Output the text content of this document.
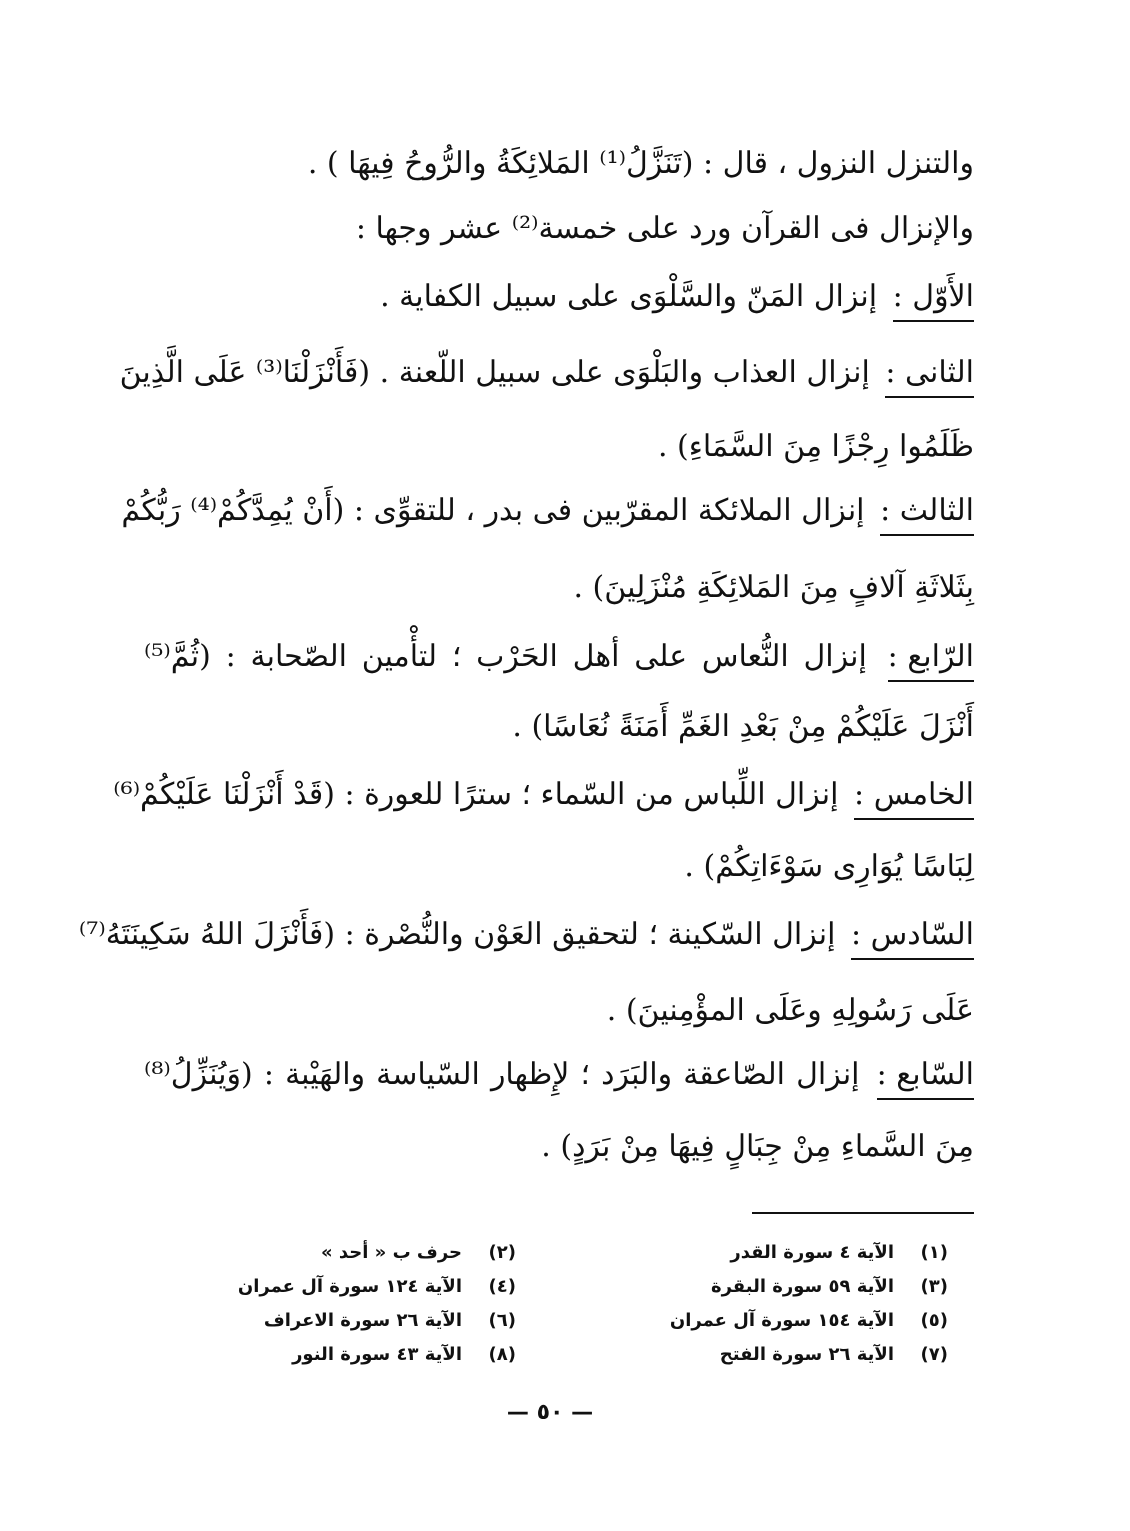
والتنزل النزول ، قال : (تَنَزَّلُ⁽¹⁾ المَلائِكَةُ والرُّوحُ فِيهَا ) .
والإنزال فى القرآن ورد على خمسة⁽²⁾ عشر وجها :
الأَوّل : إنزال المَنّ والسَّلْوَى على سبيل الكفاية .
الثانى : إنزال العذاب والبَلْوَى على سبيل اللّعنة . (فَأَنْزَلْنَا⁽³⁾ عَلَى الَّذِينَ
ظَلَمُوا رِجْزًا مِنَ السَّمَاءِ) .
الثالث : إنزال الملائكة المقرّبين فى بدر ، للتقوِّى : (أَنْ يُمِدَّكُمْ⁽⁴⁾ رَبُّكُمْ
بِثَلاثَةِ آلافٍ مِنَ المَلائِكَةِ مُنْزَلِينَ) .
الرّابع : إنزال النُّعاس على أهل الحَرْب ؛ لتأْمين الصّحابة : (ثُمَّ⁽⁵⁾
أَنْزَلَ عَلَيْكُمْ مِنْ بَعْدِ الغَمِّ أَمَنَةً نُعَاسًا) .
الخامس : إنزال اللِّباس من السّماء ؛ سترًا للعورة : (قَدْ أَنْزَلْنَا عَلَيْكُمْ⁽⁶⁾
لِبَاسًا يُوَارِى سَوْءَاتِكُمْ) .
السّادس : إنزال السّكينة ؛ لتحقيق العَوْن والنُّصْرة : (فَأَنْزَلَ اللهُ سَكِينَتَهُ⁽⁷⁾
عَلَى رَسُولِهِ وعَلَى المؤْمِنينَ) .
السّابع : إنزال الصّاعقة والبَرَد ؛ لإِظهار السّياسة والهَيْبة : (وَيُنَزِّلُ⁽⁸⁾
مِنَ السَّماءِ مِنْ جِبَالٍ فِيهَا مِنْ بَرَدٍ) .
(١)الآية ٤ سورة القدر
(٢)حرف ب « أحد »
(٣)الآية ٥٩ سورة البقرة
(٤)الآية ١٢٤ سورة آل عمران
(٥)الآية ١٥٤ سورة آل عمران
(٦)الآية ٢٦ سورة الاعراف
(٧)الآية ٢٦ سورة الفتح
(٨)الآية ٤٣ سورة النور
— ٥٠ —
